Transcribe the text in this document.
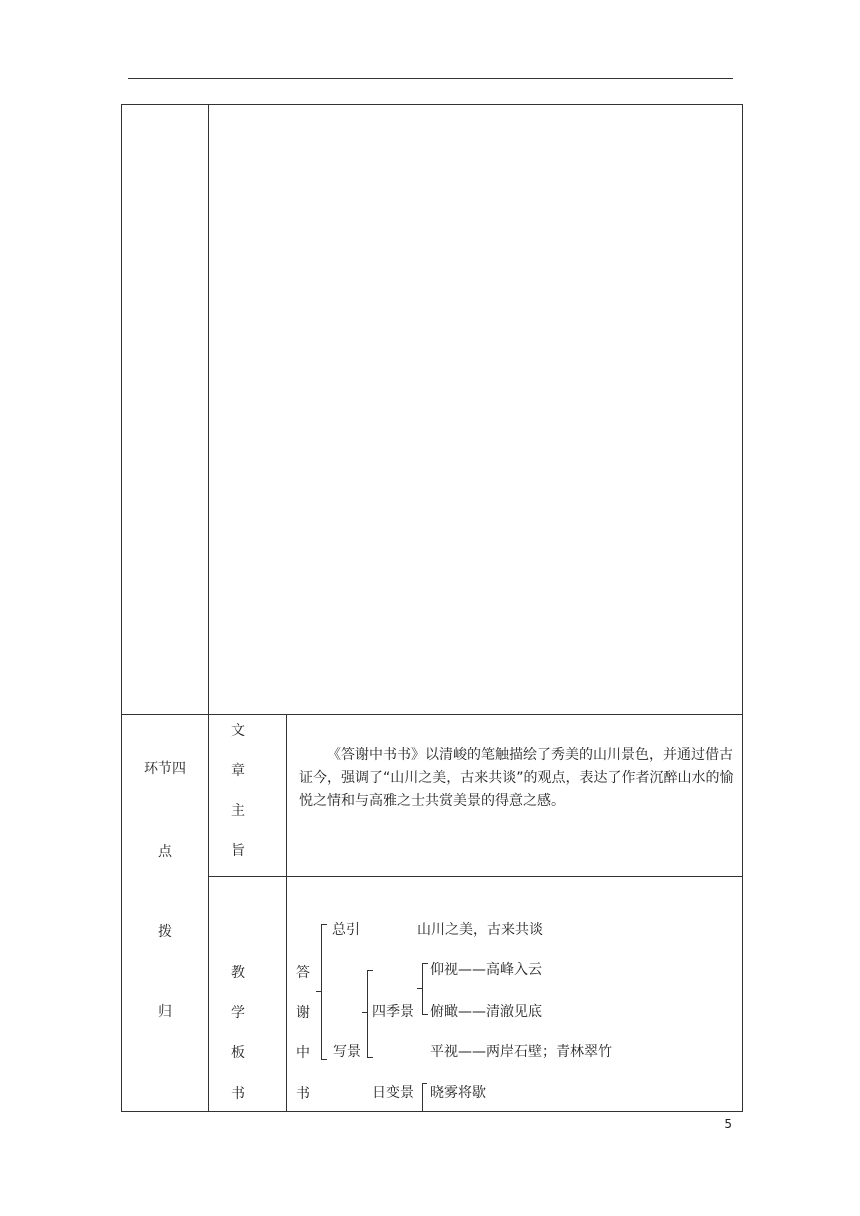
环节四
点
拨
归
文
章
主
旨
《答谢中书书》以清峻的笔触描绘了秀美的山川景色，并通过借古证今，强调了“山川之美，古来共谈”的观点，表达了作者沉醉山水的愉悦之情和与高雅之士共赏美景的得意之感。
教
学
板
书
答
谢
中
书
总引	山川之美，古来共谈
写景
四季景
仰视——高峰入云
俯瞰——清澈见底
平视——两岸石壁；青林翠竹
日变景 晓雾将歇
5
